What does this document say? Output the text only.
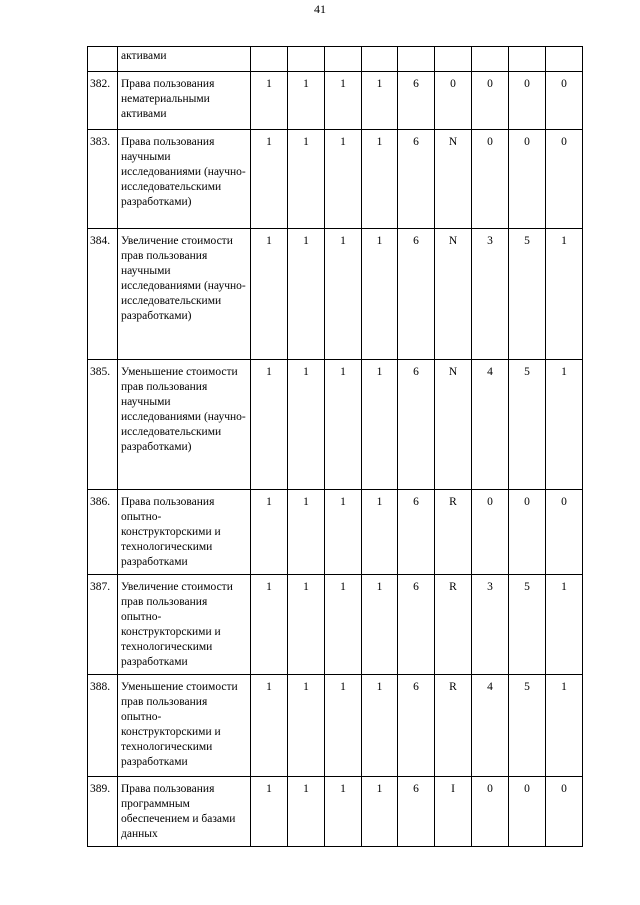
41
	активами									
382.	Права пользования нематериальными активами	1	1	1	1	6	0	0	0	0
383.	Права пользования научными исследованиями (научно-исследовательскими разработками)	1	1	1	1	6	N	0	0	0
384.	Увеличение стоимости прав пользования научными исследованиями (научно-исследовательскими разработками)	1	1	1	1	6	N	3	5	1
385.	Уменьшение стоимости прав пользования научными исследованиями (научно-исследовательскими разработками)	1	1	1	1	6	N	4	5	1
386.	Права пользования опытно-конструкторскими и технологическими разработками	1	1	1	1	6	R	0	0	0
387.	Увеличение стоимости прав пользования опытно-конструкторскими и технологическими разработками	1	1	1	1	6	R	3	5	1
388.	Уменьшение стоимости прав пользования опытно-конструкторскими и технологическими разработками	1	1	1	1	6	R	4	5	1
389.	Права пользования программным обеспечением и базами данных	1	1	1	1	6	I	0	0	0
